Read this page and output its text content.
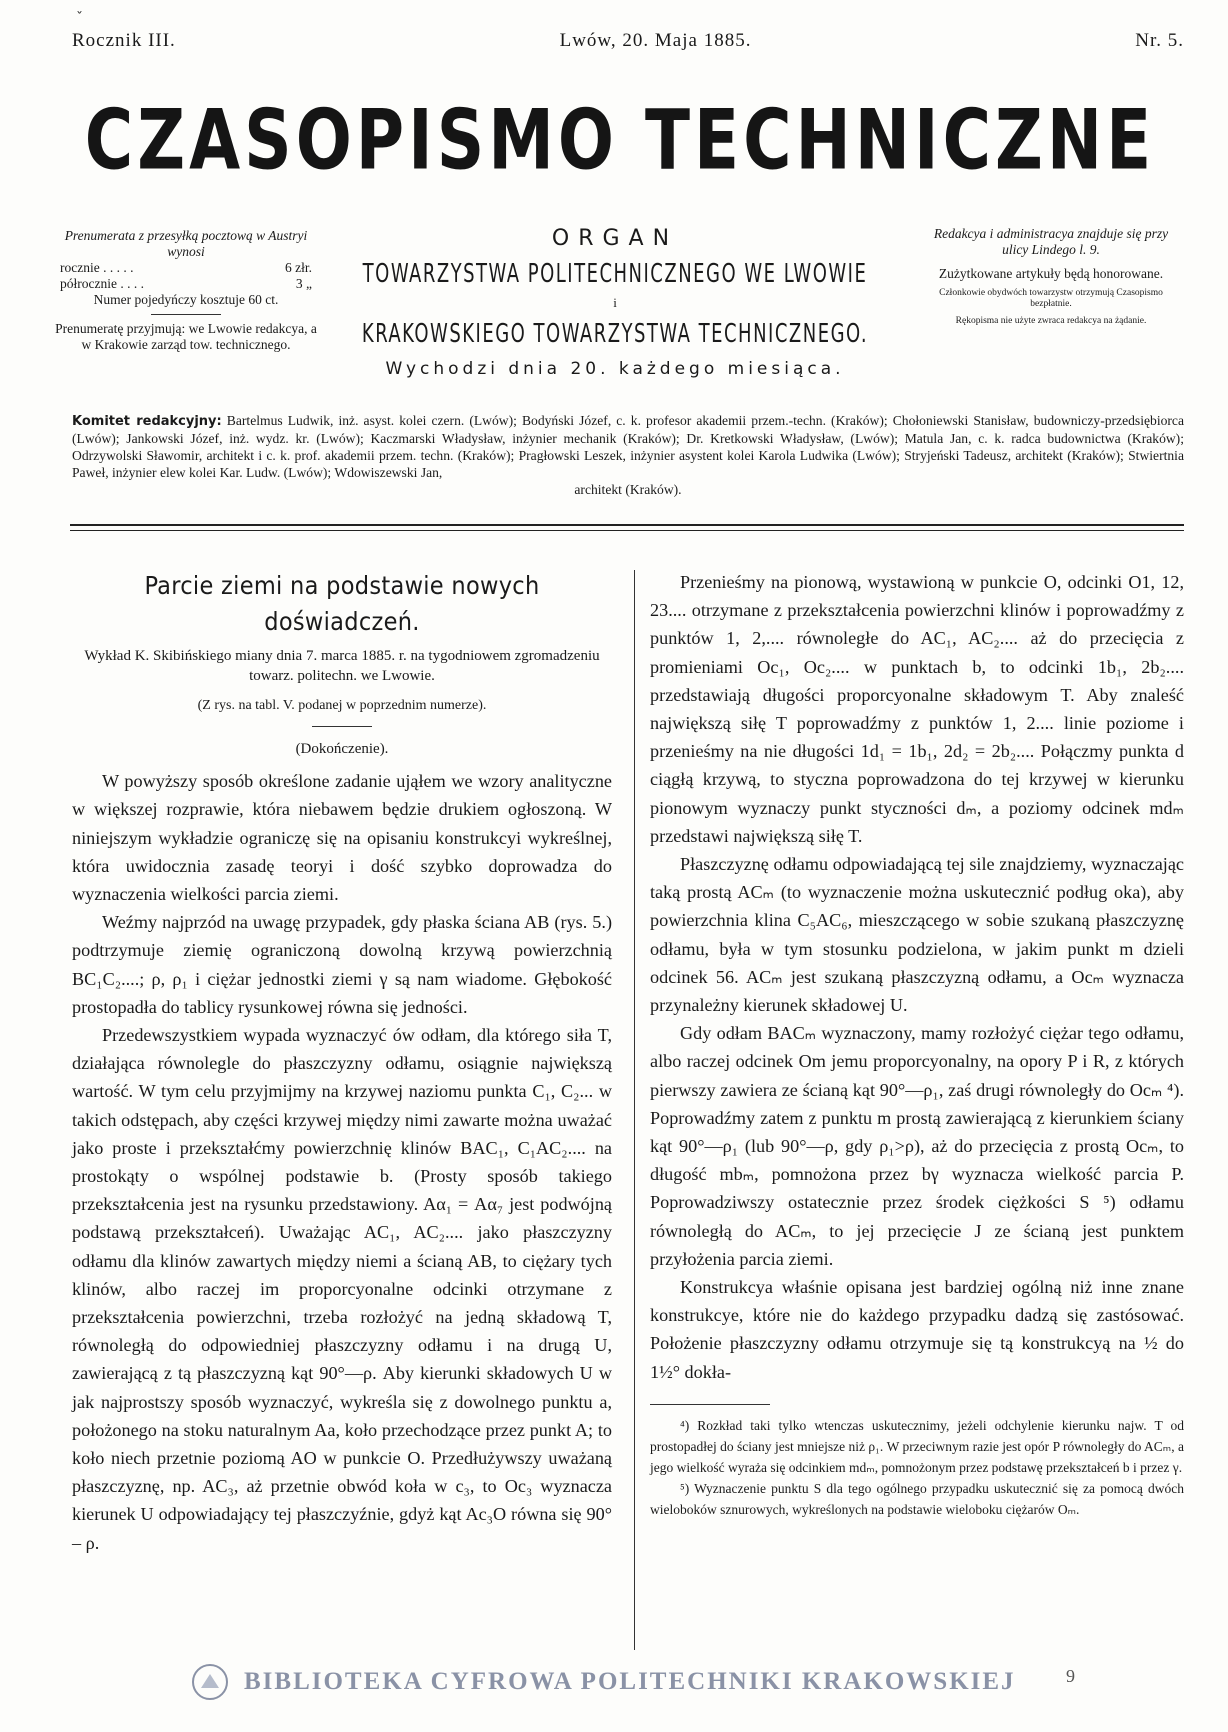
ˇ
Rocznik III.	Lwów, 20. Maja 1885.	Nr. 5.
CZASOPISMO TECHNICZNE
Prenumerata z przesyłką pocztową w Austryi wynosi
rocznie . . . . .	6 złr.
półrocznie . . . .	3 „
Numer pojedyńczy kosztuje 60 ct.
Prenumeratę przyjmują: we Lwowie redakcya, a w Krakowie zarząd tow. technicznego.
ORGAN
TOWARZYSTWA POLITECHNICZNEGO WE LWOWIE
i
KRAKOWSKIEGO TOWARZYSTWA TECHNICZNEGO.
Wychodzi dnia 20. każdego miesiąca.
Redakcya i administracya znajduje się przy ulicy Lindego l. 9.
Zużytkowane artykuły będą honorowane.
Członkowie obydwóch towarzystw otrzymują Czasopismo bezpłatnie.
Rękopisma nie użyte zwraca redakcya na żądanie.
Komitet redakcyjny: Bartelmus Ludwik, inż. asyst. kolei czern. (Lwów); Bodyński Józef, c. k. profesor akademii przem.-techn. (Kraków); Chołoniewski Stanisław, budowniczy-przedsiębiorca (Lwów); Jankowski Józef, inż. wydz. kr. (Lwów); Kaczmarski Władysław, inżynier mechanik (Kraków); Dr. Kretkowski Władysław, (Lwów); Matula Jan, c. k. radca budownictwa (Kraków); Odrzywolski Sławomir, architekt i c. k. prof. akademii przem. techn. (Kraków); Pragłowski Leszek, inżynier asystent kolei Karola Ludwika (Lwów); Stryjeński Tadeusz, architekt (Kraków); Stwiertnia Paweł, inżynier elew kolei Kar. Ludw. (Lwów); Wdowiszewski Jan,
architekt (Kraków).
Parcie ziemi na podstawie nowych doświadczeń.
Wykład K. Skibińskiego miany dnia 7. marca 1885. r. na tygodniowem zgromadzeniu towarz. politechn. we Lwowie.
(Z rys. na tabl. V. podanej w poprzednim numerze).
(Dokończenie).

W powyższy sposób określone zadanie ująłem we wzory analityczne w większej rozprawie, która niebawem będzie drukiem ogłoszoną. W niniejszym wykładzie ograniczę się na opisaniu konstrukcyi wykreślnej, która uwidocznia zasadę teoryi i dość szybko doprowadza do wyznaczenia wielkości parcia ziemi.

Weźmy najprzód na uwagę przypadek, gdy płaska ściana AB (rys. 5.) podtrzymuje ziemię ograniczoną dowolną krzywą powierzchnią BC₁C₂....; ρ, ρ₁ i ciężar jednostki ziemi γ są nam wiadome. Głębokość prostopadła do tablicy rysunkowej równa się jedności.

Przedewszystkiem wypada wyznaczyć ów odłam, dla którego siła T, działająca równolegle do płaszczyzny odłamu, osiągnie największą wartość. W tym celu przyjmijmy na krzywej naziomu punkta C₁, C₂... w takich odstępach, aby części krzywej między nimi zawarte można uważać jako proste i przekształćmy powierzchnię klinów BAC₁, C₁AC₂.... na prostokąty o wspólnej podstawie b. (Prosty sposób takiego przekształcenia jest na rysunku przedstawiony. Aα₁ = Aα₇ jest podwójną podstawą przekształceń). Uważając AC₁, AC₂.... jako płaszczyzny odłamu dla klinów zawartych między niemi a ścianą AB, to ciężary tych klinów, albo raczej im proporcyonalne odcinki otrzymane z przekształcenia powierzchni, trzeba rozłożyć na jedną składową T, równoległą do odpowiedniej płaszczyzny odłamu i na drugą U, zawierającą z tą płaszczyzną kąt 90°—ρ. Aby kierunki składowych U w jak najprostszy sposób wyznaczyć, wykreśla się z dowolnego punktu a, położonego na stoku naturalnym Aa, koło przechodzące przez punkt A; to koło niech przetnie poziomą AO w punkcie O. Przedłużywszy uważaną płaszczyznę, np. AC₃, aż przetnie obwód koła w c₃, to Oc₃ wyznacza kierunek U odpowiadający tej płaszczyźnie, gdyż kąt Ac₃O równa się 90° – ρ.

Przenieśmy na pionową, wystawioną w punkcie O, odcinki O1, 12, 23.... otrzymane z przekształcenia powierzchni klinów i poprowadźmy z punktów 1, 2,.... równoległe do AC₁, AC₂.... aż do przecięcia z promieniami Oc₁, Oc₂.... w punktach b, to odcinki 1b₁, 2b₂.... przedstawiają długości proporcyonalne składowym T. Aby znaleść największą siłę T poprowadźmy z punktów 1, 2.... linie poziome i przenieśmy na nie długości 1d₁ = 1b₁, 2d₂ = 2b₂.... Połączmy punkta d ciągłą krzywą, to styczna poprowadzona do tej krzywej w kierunku pionowym wyznaczy punkt styczności dₘ, a poziomy odcinek mdₘ przedstawi największą siłę T.

Płaszczyznę odłamu odpowiadającą tej sile znajdziemy, wyznaczając taką prostą ACₘ (to wyznaczenie można uskutecznić podług oka), aby powierzchnia klina C₅AC₆, mieszczącego w sobie szukaną płaszczyznę odłamu, była w tym stosunku podzielona, w jakim punkt m dzieli odcinek 56. ACₘ jest szukaną płaszczyzną odłamu, a Ocₘ wyznacza przynależny kierunek składowej U.

Gdy odłam BACₘ wyznaczony, mamy rozłożyć ciężar tego odłamu, albo raczej odcinek Om jemu proporcyonalny, na opory P i R, z których pierwszy zawiera ze ścianą kąt 90°—ρ₁, zaś drugi równoległy do Ocₘ ⁴). Poprowadźmy zatem z punktu m prostą zawierającą z kierunkiem ściany kąt 90°—ρ₁ (lub 90°—ρ, gdy ρ₁>ρ), aż do przecięcia z prostą Ocₘ, to długość mbₘ, pomnożona przez bγ wyznacza wielkość parcia P. Poprowadziwszy ostatecznie przez środek ciężkości S ⁵) odłamu równoległą do ACₘ, to jej przecięcie J ze ścianą jest punktem przyłożenia parcia ziemi.

Konstrukcya właśnie opisana jest bardziej ogólną niż inne znane konstrukcye, które nie do każdego przypadku dadzą się zastósować. Położenie płaszczyzny odłamu otrzymuje się tą konstrukcyą na ½ do 1½° dokła-

⁴) Rozkład taki tylko wtenczas uskutecznimy, jeżeli odchylenie kierunku najw. T od prostopadłej do ściany jest mniejsze niż ρ₁. W przeciwnym razie jest opór P równoległy do ACₘ, a jego wielkość wyraża się odcinkiem mdₘ, pomnożonym przez podstawę przekształceń b i przez γ.
⁵) Wyznaczenie punktu S dla tego ogólnego przypadku uskutecznić się za pomocą dwóch wieloboków sznurowych, wykreślonych na podstawie wieloboku ciężarów Oₘ.
BIBLIOTEKA CYFROWA POLITECHNIKI KRAKOWSKIEJ	9
